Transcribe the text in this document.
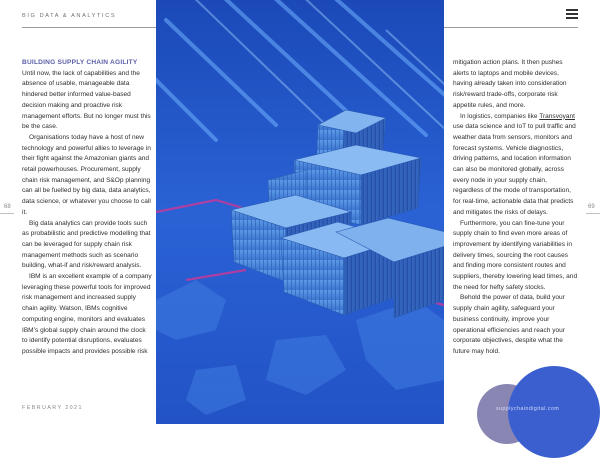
BIG DATA & ANALYTICS
68	69
BUILDING SUPPLY CHAIN AGILITY

Until now, the lack of capabilities and the absence of usable, manageable data hindered better informed value-based decision making and proactive risk management efforts. But no longer must this be the case.

Organisations today have a host of new technology and powerful allies to leverage in their fight against the Amazonian giants and retail powerhouses. Procurement, supply chain risk management, and S&Op planning can all be fuelled by big data, data analytics, data science, or whatever you choose to call it.

Big data analytics can provide tools such as probabilistic and predictive modelling that can be leveraged for supply chain risk management methods such as scenario building, what-if and risk/reward analysis.

IBM is an excellent example of a company leveraging these powerful tools for improved risk management and increased supply chain agility. Watson, IBMs cognitive computing engine, monitors and evaluates IBM’s global supply chain around the clock to identify potential disruptions, evaluates possible impacts and provides possible risk

mitigation action plans. It then pushes alerts to laptops and mobile devices, having already taken into consideration risk/reward trade-offs, corporate risk appetite rules, and more.

In logistics, companies like Transvoyant use data science and IoT to pull traffic and weather data from sensors, monitors and forecast systems. Vehicle diagnostics, driving patterns, and location information can also be monitored globally, across every node in your supply chain, regardless of the mode of transportation, for real-time, actionable data that predicts and mitigates the risks of delays.

Furthermore, you can fine-tune your supply chain to find even more areas of improvement by identifying variabilities in delivery times, sourcing the root causes and finding more consistent routes and suppliers, thereby lowering lead times, and the need for hefty safety stocks.

Behold the power of data, build your supply chain agility, safeguard your business continuity, improve your operational efficiencies and reach your corporate objectives, despite what the future may hold.

FEBRUARY 2021	supplychaindigital.com
